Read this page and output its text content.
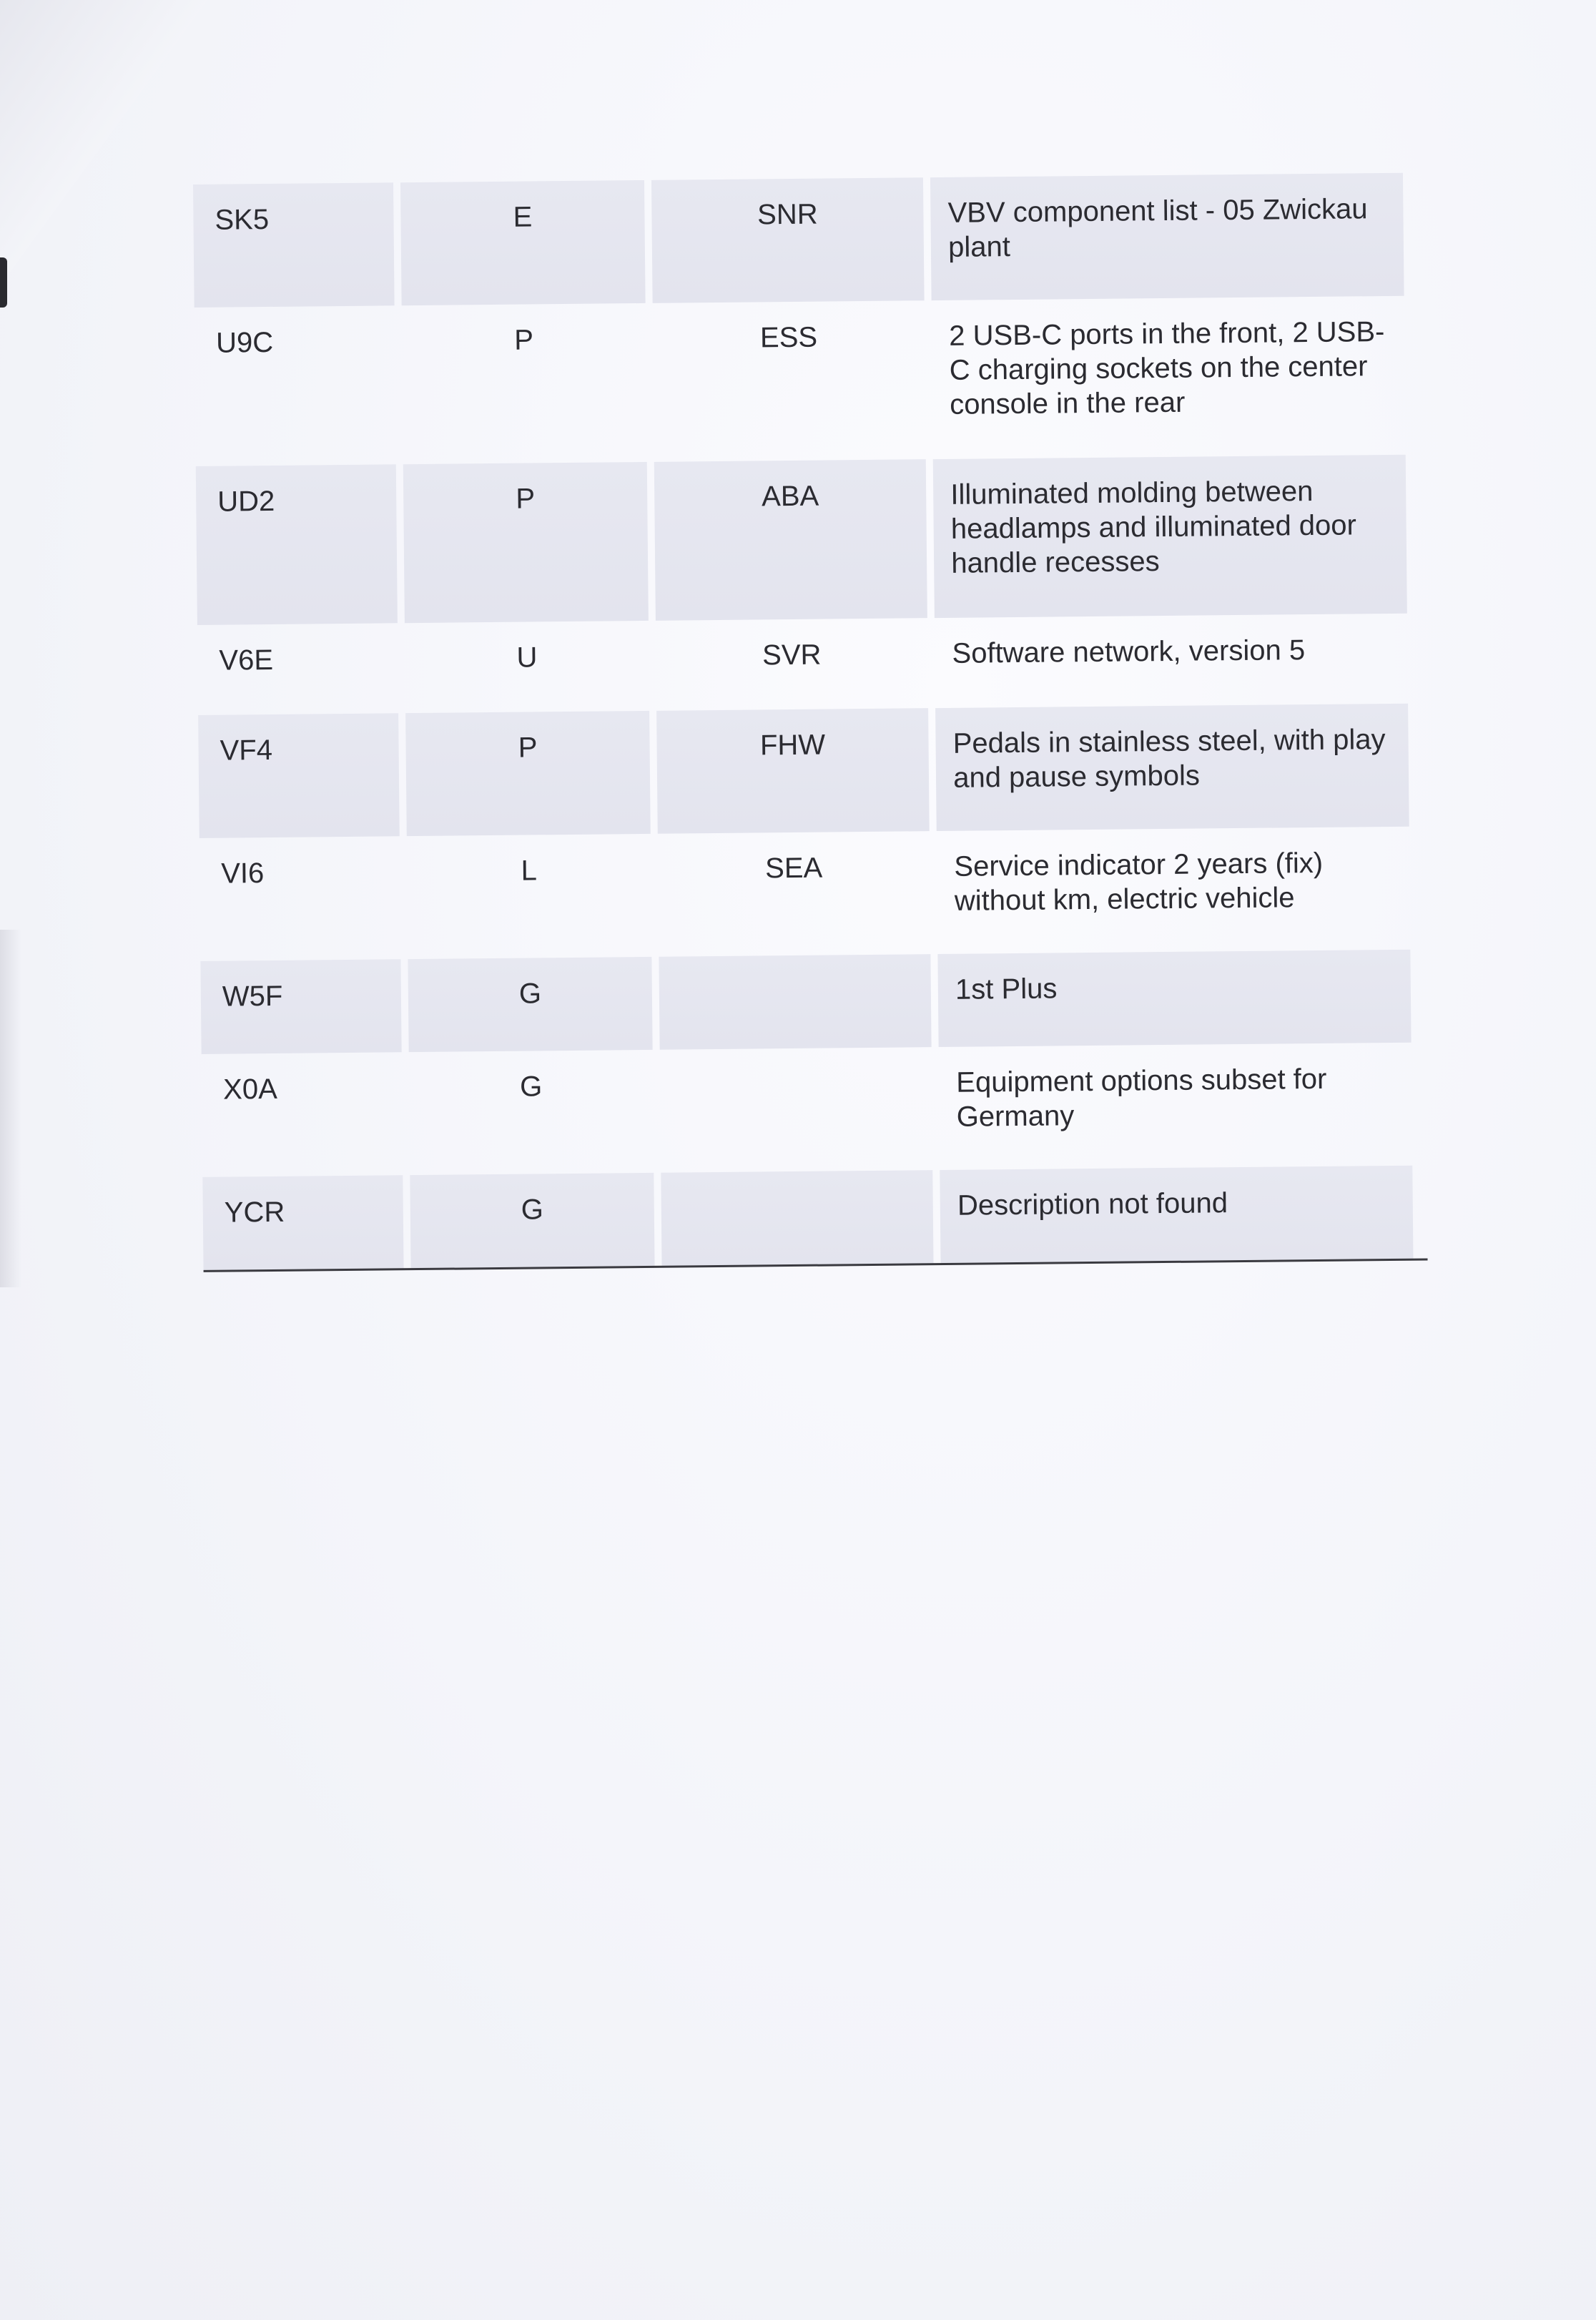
SK5	E	SNR	VBV component list - 05 Zwickau plant
U9C	P	ESS	2 USB-C ports in the front, 2 USB-C charging sockets on the center console in the rear
UD2	P	ABA	Illuminated molding between headlamps and illuminated door handle recesses
V6E	U	SVR	Software network, version 5
VF4	P	FHW	Pedals in stainless steel, with play and pause symbols
VI6	L	SEA	Service indicator 2 years (fix) without km, electric vehicle
W5F	G		1st Plus
X0A	G		Equipment options subset for Germany
YCR	G		Description not found
